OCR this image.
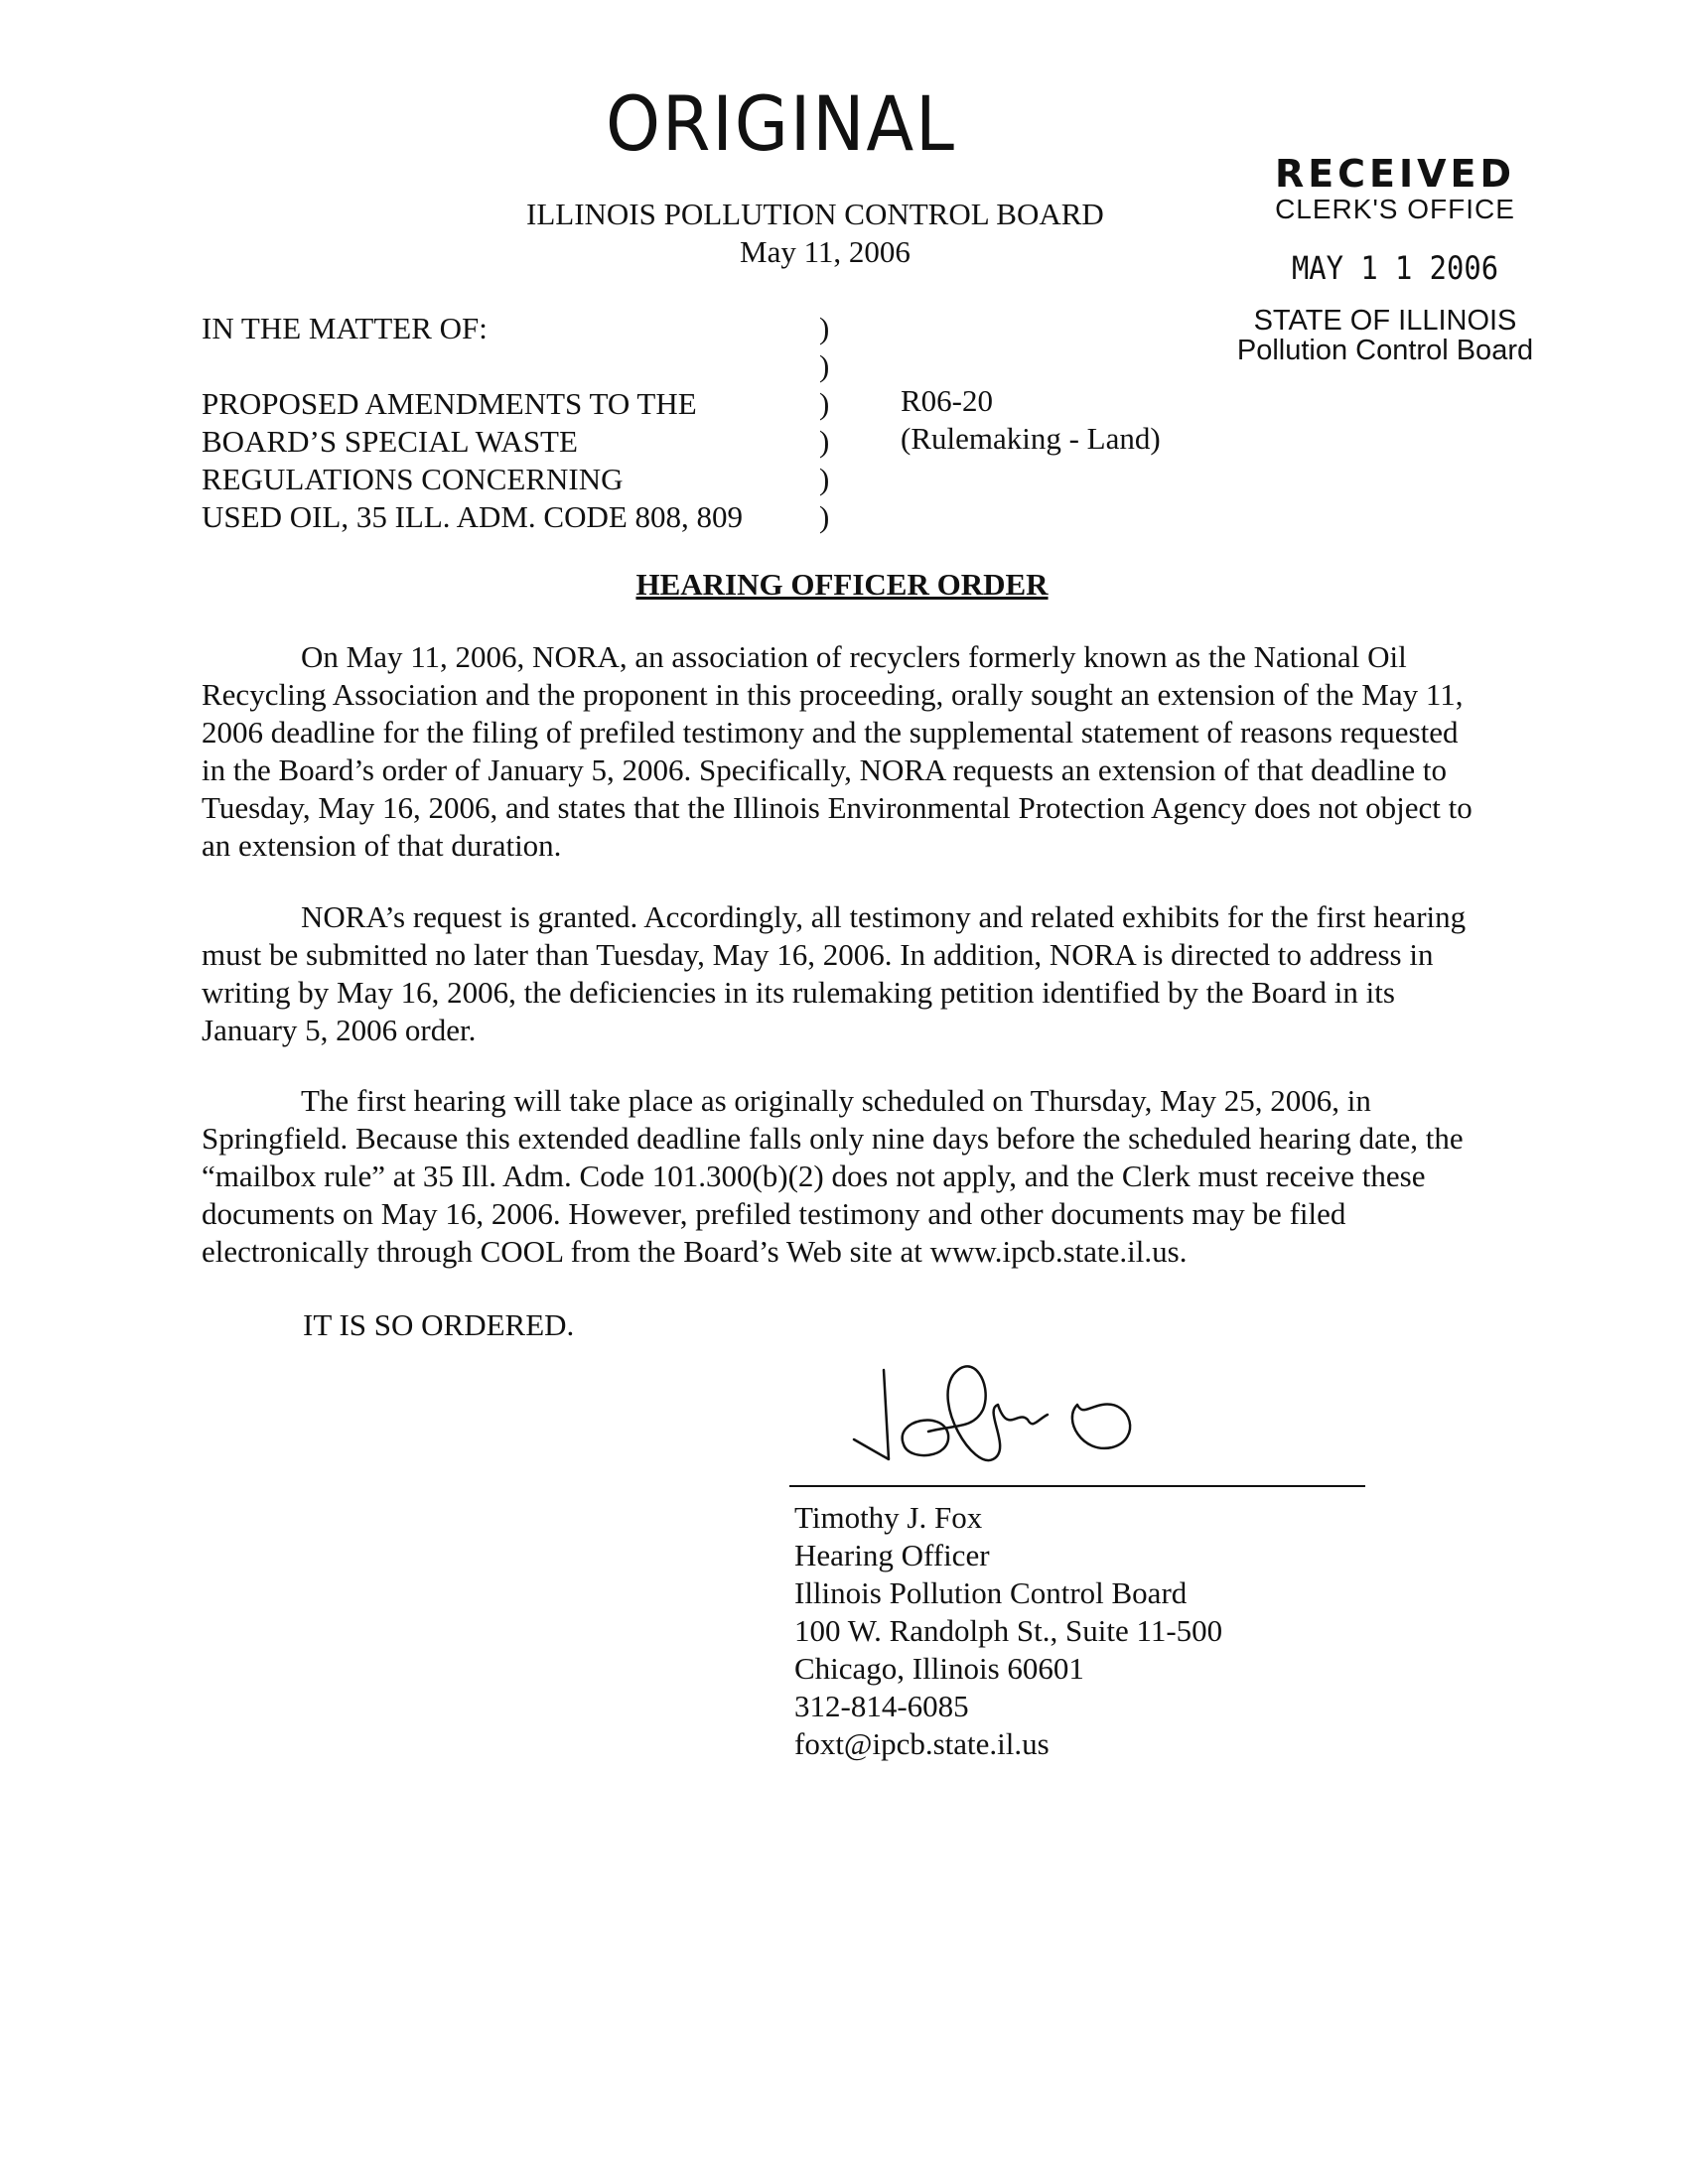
ORIGINAL
RECEIVED
CLERK'S OFFICE
MAY 1 1 2006
STATE OF ILLINOIS
Pollution Control Board
ILLINOIS POLLUTION CONTROL BOARD
May 11, 2006
IN THE MATTER OF:

PROPOSED AMENDMENTS TO THE
BOARD’S SPECIAL WASTE
REGULATIONS CONCERNING
USED OIL, 35 ILL. ADM. CODE 808, 809
)
)
)
)
)
)
R06-20
(Rulemaking - Land)
HEARING OFFICER ORDER

On May 11, 2006, NORA, an association of recyclers formerly known as the National Oil Recycling Association and the proponent in this proceeding, orally sought an extension of the May 11, 2006 deadline for the filing of prefiled testimony and the supplemental statement of reasons requested in the Board’s order of January 5, 2006. Specifically, NORA requests an extension of that deadline to Tuesday, May 16, 2006, and states that the Illinois Environmental Protection Agency does not object to an extension of that duration.

NORA’s request is granted. Accordingly, all testimony and related exhibits for the first hearing must be submitted no later than Tuesday, May 16, 2006. In addition, NORA is directed to address in writing by May 16, 2006, the deficiencies in its rulemaking petition identified by the Board in its January 5, 2006 order.

The first hearing will take place as originally scheduled on Thursday, May 25, 2006, in Springfield. Because this extended deadline falls only nine days before the scheduled hearing date, the “mailbox rule” at 35 Ill. Adm. Code 101.300(b)(2) does not apply, and the Clerk must receive these documents on May 16, 2006. However, prefiled testimony and other documents may be filed electronically through COOL from the Board’s Web site at www.ipcb.state.il.us.

IT IS SO ORDERED.
Timothy J. Fox
Hearing Officer
Illinois Pollution Control Board
100 W. Randolph St., Suite 11-500
Chicago, Illinois 60601
312-814-6085
foxt@ipcb.state.il.us
